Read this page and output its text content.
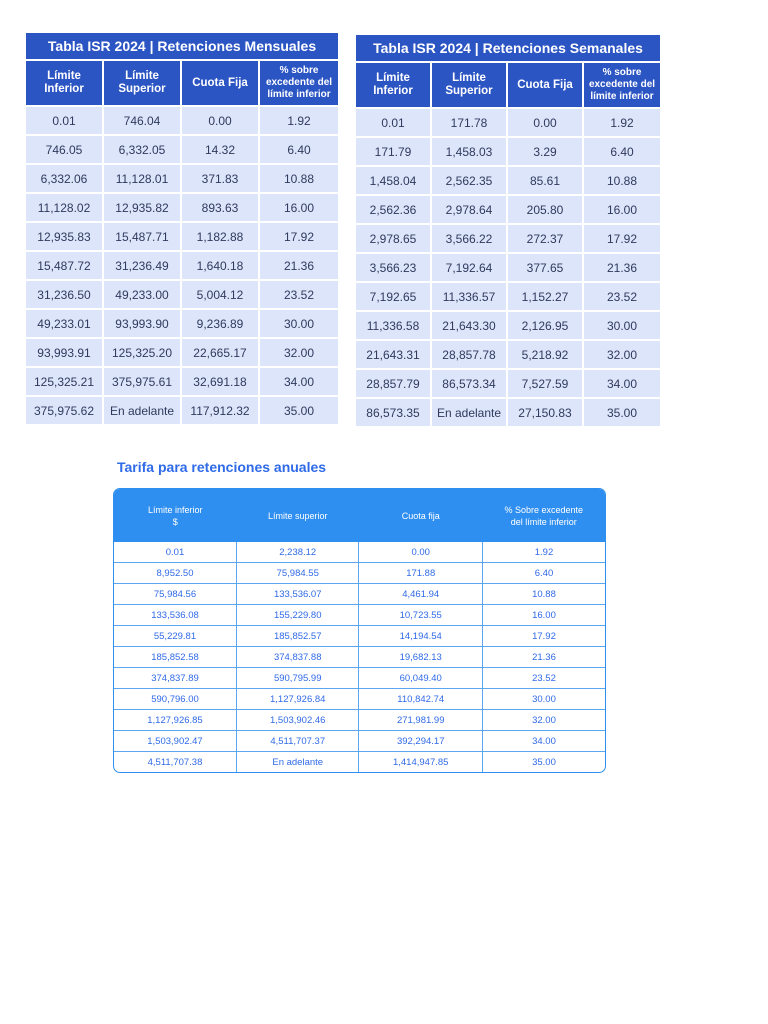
Tabla ISR 2024 | Retenciones Mensuales			
Límite Inferior	Límite Superior	Cuota Fija	% sobre excedente del límite inferior
0.01	746.04	0.00	1.92
746.05	6,332.05	14.32	6.40
6,332.06	11,128.01	371.83	10.88
11,128.02	12,935.82	893.63	16.00
12,935.83	15,487.71	1,182.88	17.92
15,487.72	31,236.49	1,640.18	21.36
31,236.50	49,233.00	5,004.12	23.52
49,233.01	93,993.90	9,236.89	30.00
93,993.91	125,325.20	22,665.17	32.00
125,325.21	375,975.61	32,691.18	34.00
375,975.62	En adelante	117,912.32	35.00
Tabla ISR 2024 | Retenciones Semanales			
Límite Inferior	Límite Superior	Cuota Fija	% sobre excedente del límite inferior
0.01	171.78	0.00	1.92
171.79	1,458.03	3.29	6.40
1,458.04	2,562.35	85.61	10.88
2,562.36	2,978.64	205.80	16.00
2,978.65	3,566.22	272.37	17.92
3,566.23	7,192.64	377.65	21.36
7,192.65	11,336.57	1,152.27	23.52
11,336.58	21,643.30	2,126.95	30.00
21,643.31	28,857.78	5,218.92	32.00
28,857.79	86,573.34	7,527.59	34.00
86,573.35	En adelante	27,150.83	35.00
Tarifa para retenciones anuales
Límite inferior
$	Límite superior	Cuota fija	% Sobre excedente
del límite inferior
0.01	2,238.12	0.00	1.92
8,952.50	75,984.55	171.88	6.40
75,984.56	133,536.07	4,461.94	10.88
133,536.08	155,229.80	10,723.55	16.00
55,229.81	185,852.57	14,194.54	17.92
185,852.58	374,837.88	19,682.13	21.36
374,837.89	590,795.99	60,049.40	23.52
590,796.00	1,127,926.84	110,842.74	30.00
1,127,926.85	1,503,902.46	271,981.99	32.00
1,503,902.47	4,511,707.37	392,294.17	34.00
4,511,707.38	En adelante	1,414,947.85	35.00
